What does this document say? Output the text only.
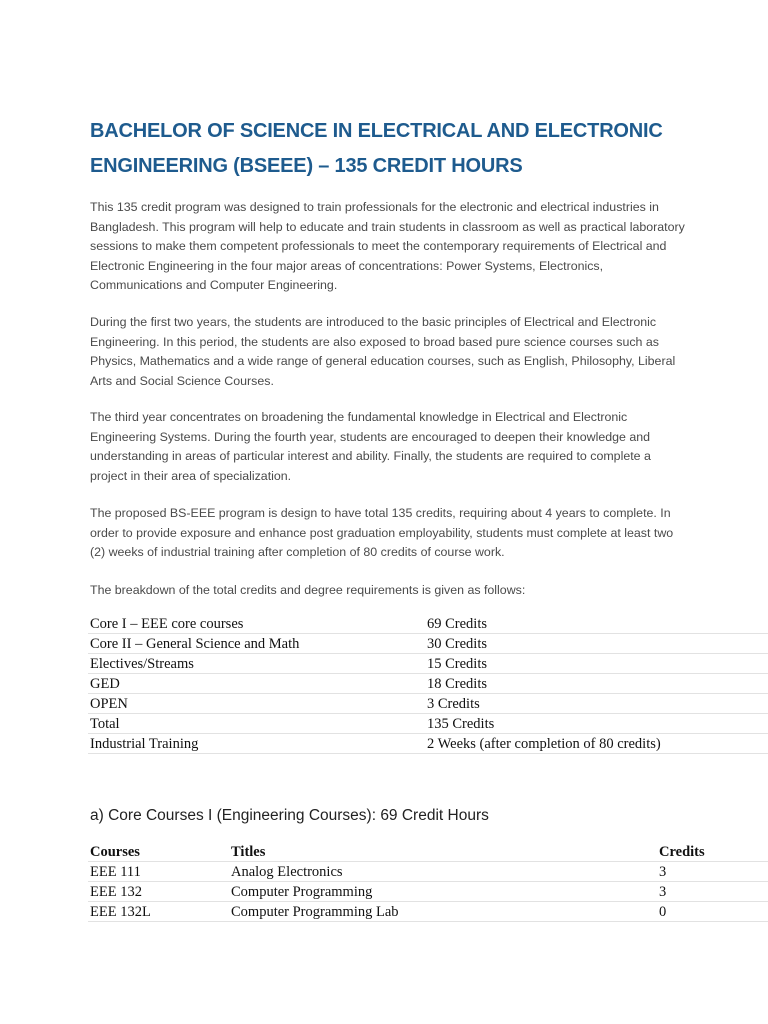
BACHELOR OF SCIENCE IN ELECTRICAL AND ELECTRONIC ENGINEERING (BSEEE) – 135 CREDIT HOURS

This 135 credit program was designed to train professionals for the electronic and electrical industries in Bangladesh. This program will help to educate and train students in classroom as well as practical laboratory sessions to make them competent professionals to meet the contemporary requirements of Electrical and Electronic Engineering in the four major areas of concentrations: Power Systems, Electronics, Communications and Computer Engineering.

During the first two years, the students are introduced to the basic principles of Electrical and Electronic Engineering. In this period, the students are also exposed to broad based pure science courses such as Physics, Mathematics and a wide range of general education courses, such as English, Philosophy, Liberal Arts and Social Science Courses.

The third year concentrates on broadening the fundamental knowledge in Electrical and Electronic Engineering Systems. During the fourth year, students are encouraged to deepen their knowledge and understanding in areas of particular interest and ability. Finally, the students are required to complete a project in their area of specialization.

The proposed BS-EEE program is design to have total 135 credits, requiring about 4 years to complete. In order to provide exposure and enhance post graduation employability, students must complete at least two (2) weeks of industrial training after completion of 80 credits of course work.

The breakdown of the total credits and degree requirements is given as follows:

Core I – EEE core courses	69 Credits
Core II – General Science and Math	30 Credits
Electives/Streams	15 Credits
GED	18 Credits
OPEN	3 Credits
Total	135 Credits
Industrial Training	2 Weeks (after completion of 80 credits)
a) Core Courses I (Engineering Courses): 69 Credit Hours
Courses	Titles	Credits
EEE 111	Analog Electronics	3
EEE 132	Computer Programming	3
EEE 132L	Computer Programming Lab	0
